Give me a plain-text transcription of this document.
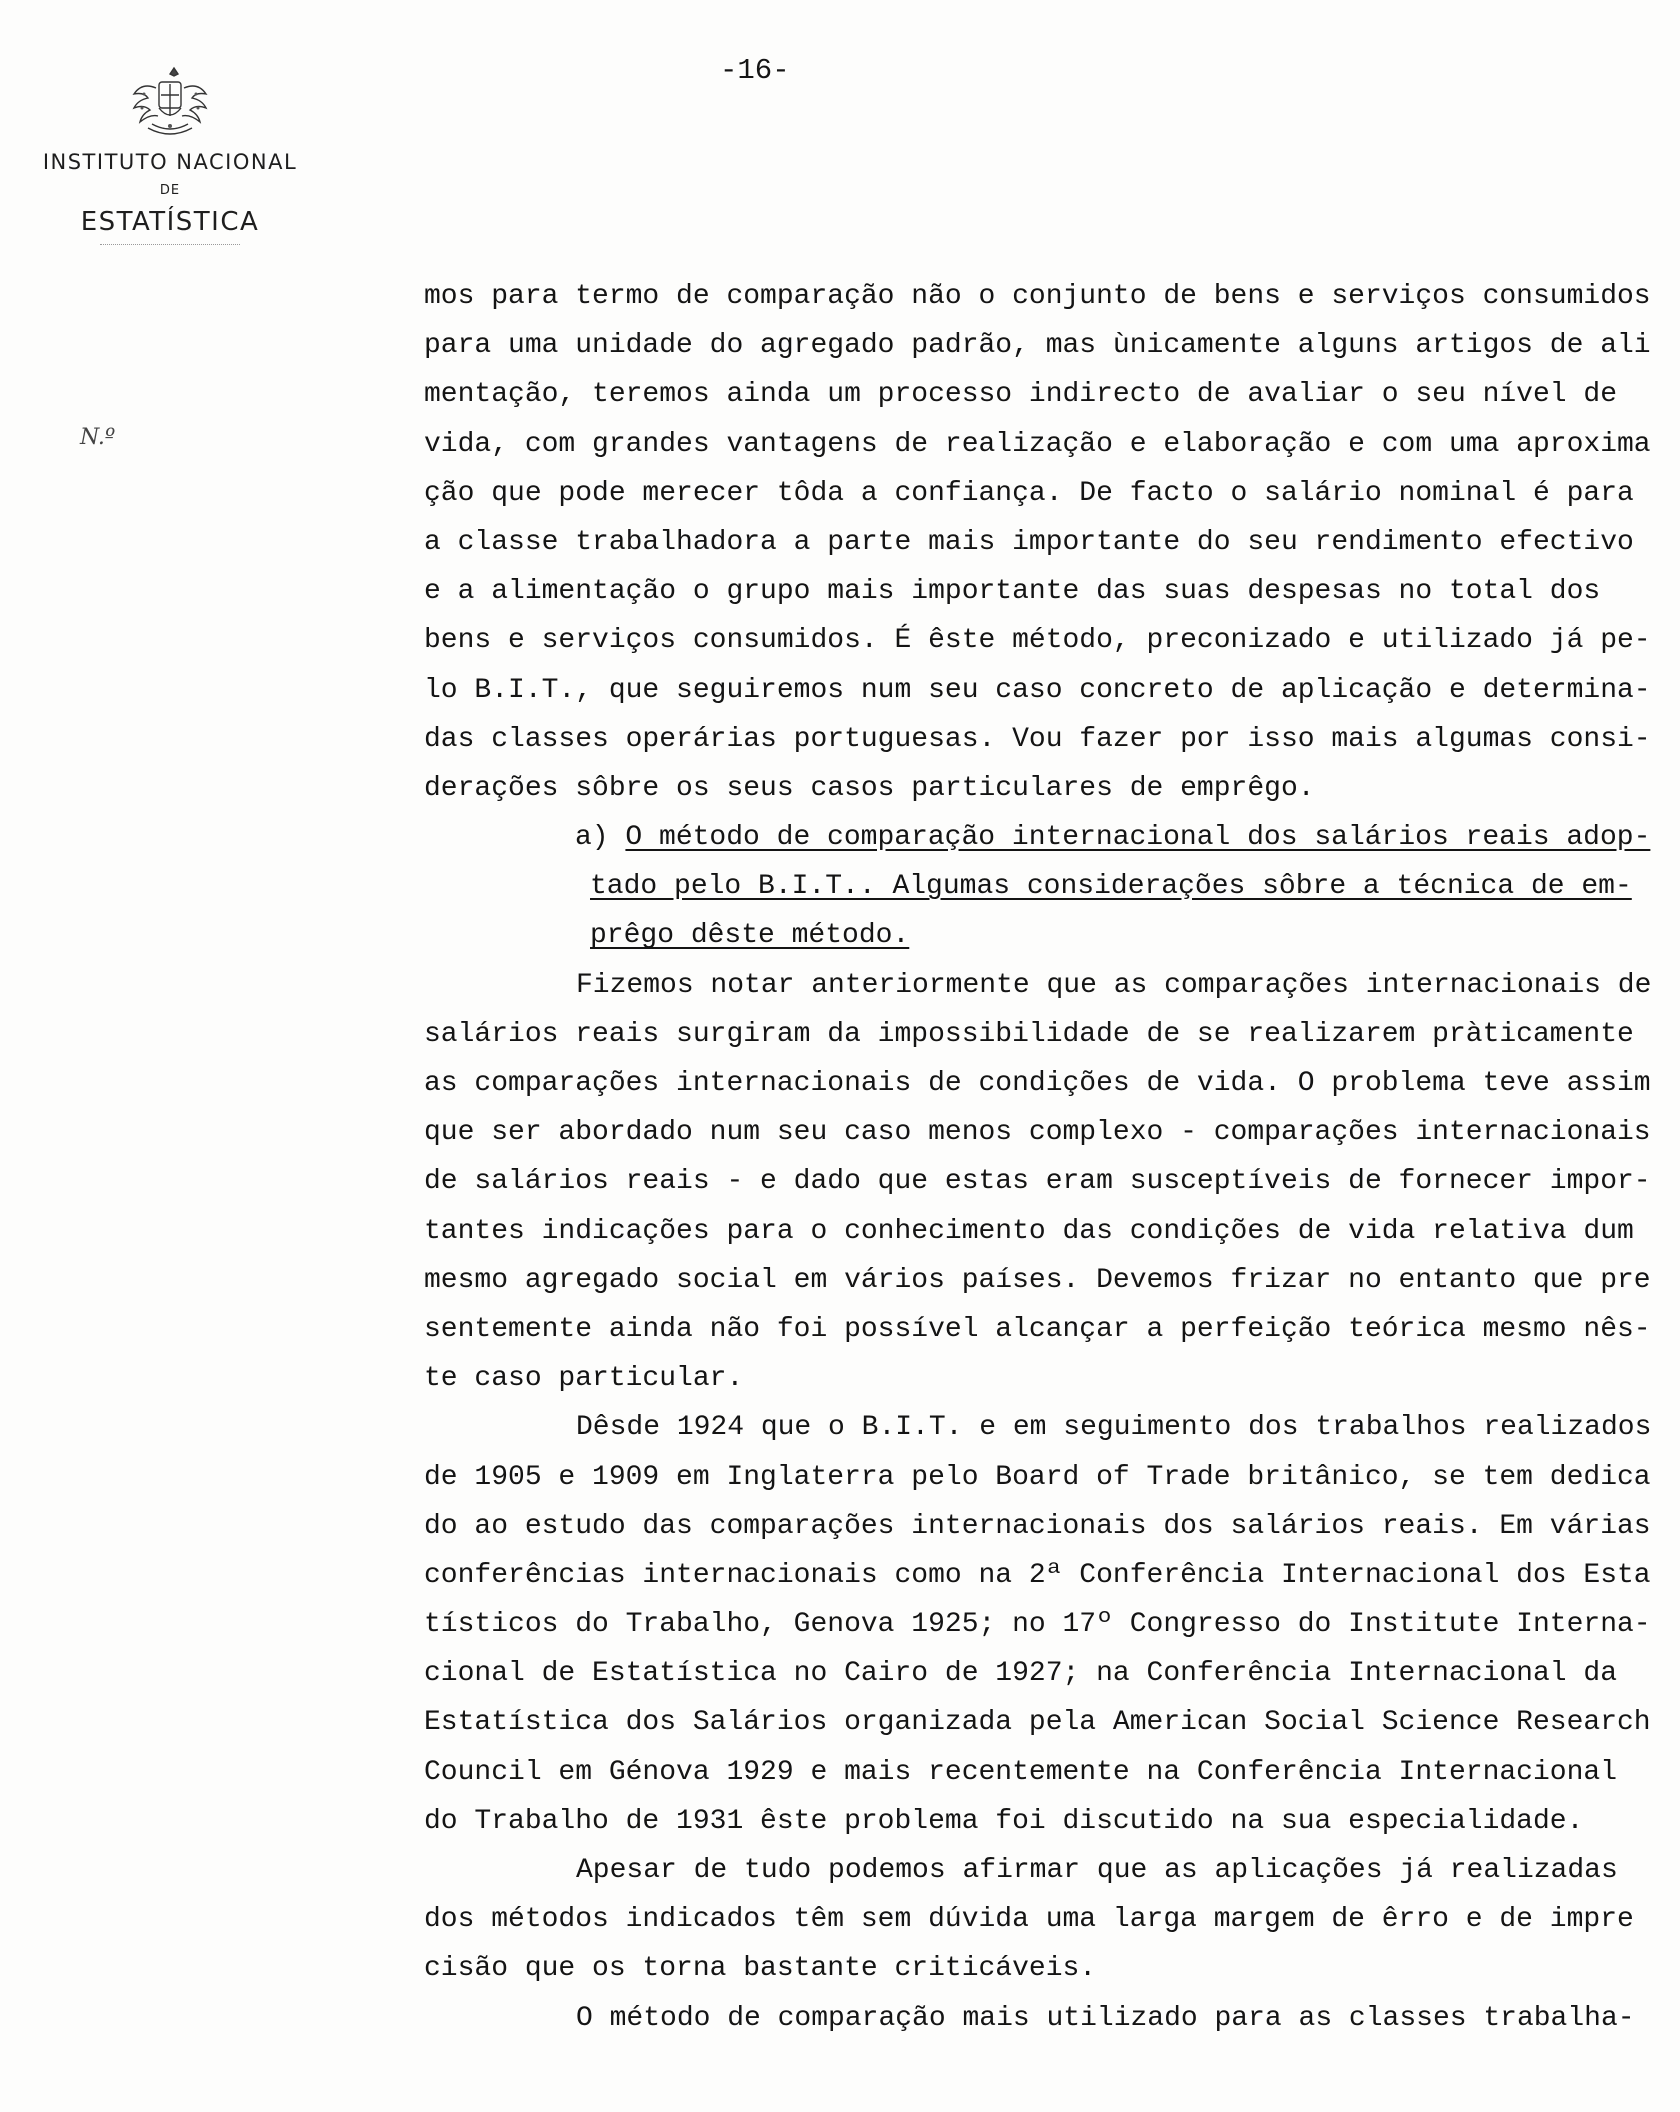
INSTITUTO NACIONAL
DE
ESTATÍSTICA
N.º
-16-
mos para termo de comparação não o conjunto de bens e serviços consumidos
para uma unidade do agregado padrão, mas ùnicamente alguns artigos de ali
mentação, teremos ainda um processo indirecto de avaliar o seu nível de
vida, com grandes vantagens de realização e elaboração e com uma aproxima
ção que pode merecer tôda a confiança. De facto o salário nominal é para
a classe trabalhadora a parte mais importante do seu rendimento efectivo
e a alimentação o grupo mais importante das suas despesas no total dos
bens e serviços consumidos. É êste método, preconizado e utilizado já pe-
lo B.I.T., que seguiremos num seu caso concreto de aplicação e determina-
das classes operárias portuguesas. Vou fazer por isso mais algumas consi-
derações sôbre os seus casos particulares de emprêgo.
a) O método de comparação internacional dos salários reais adop-
tado pelo B.I.T.. Algumas considerações sôbre a técnica de em-
prêgo dêste método.
Fizemos notar anteriormente que as comparações internacionais de
salários reais surgiram da impossibilidade de se realizarem pràticamente
as comparações internacionais de condições de vida. O problema teve assim
que ser abordado num seu caso menos complexo - comparações internacionais
de salários reais - e dado que estas eram susceptíveis de fornecer impor-
tantes indicações para o conhecimento das condições de vida relativa dum
mesmo agregado social em vários países. Devemos frizar no entanto que pre
sentemente ainda não foi possível alcançar a perfeição teórica mesmo nês-
te caso particular.
Dêsde 1924 que o B.I.T. e em seguimento dos trabalhos realizados
de 1905 e 1909 em Inglaterra pelo Board of Trade britânico, se tem dedica
do ao estudo das comparações internacionais dos salários reais. Em várias
conferências internacionais como na 2ª Conferência Internacional dos Esta
tísticos do Trabalho, Genova 1925; no 17º Congresso do Institute Interna-
cional de Estatística no Cairo de 1927; na Conferência Internacional da
Estatística dos Salários organizada pela American Social Science Research
Council em Génova 1929 e mais recentemente na Conferência Internacional
do Trabalho de 1931 êste problema foi discutido na sua especialidade.
Apesar de tudo podemos afirmar que as aplicações já realizadas
dos métodos indicados têm sem dúvida uma larga margem de êrro e de impre
cisão que os torna bastante criticáveis.
O método de comparação mais utilizado para as classes trabalha-
